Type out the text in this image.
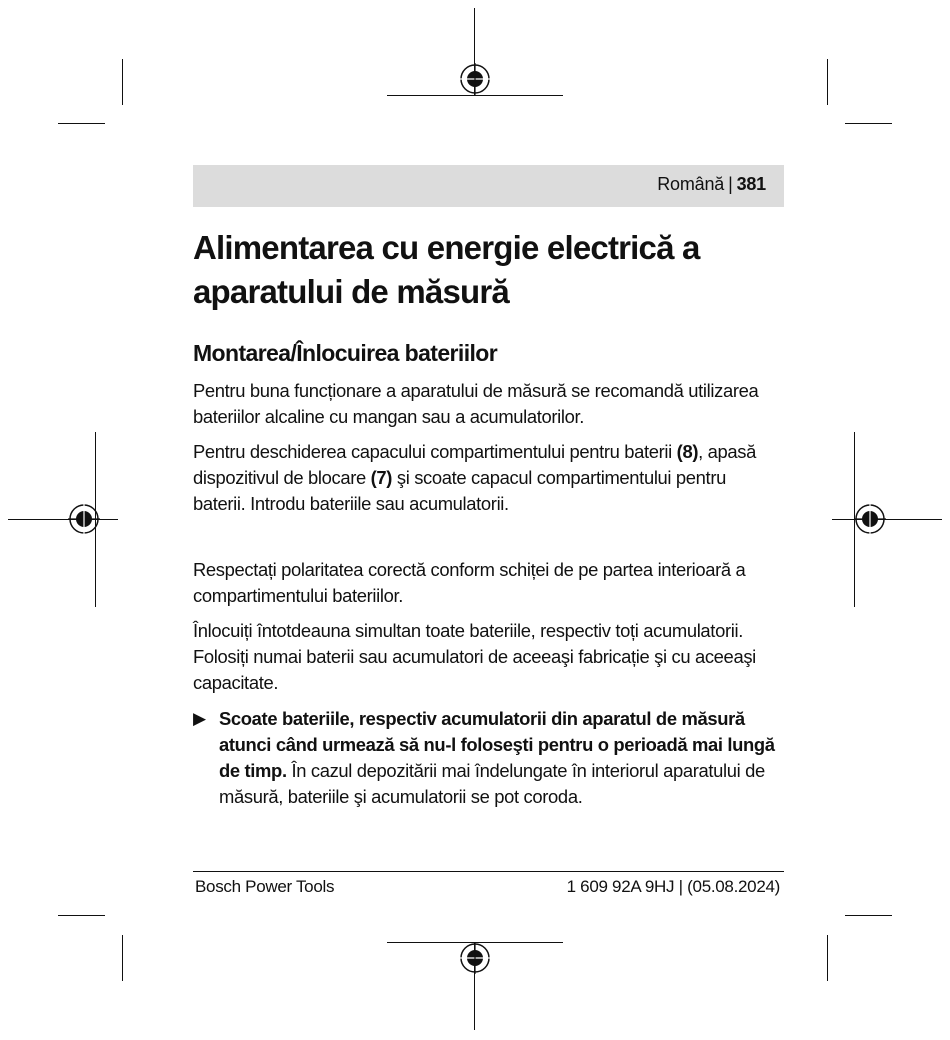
Română | 381
Alimentarea cu energie electrică a aparatului de măsură
Montarea/Înlocuirea bateriilor

Pentru buna funcționare a aparatului de măsură se recomandă utilizarea bateriilor alcaline cu mangan sau a acumulatorilor.

Pentru deschiderea capacului compartimentului pentru baterii (8), apasă dispozitivul de blocare (7) şi scoate capacul compartimentului pentru baterii. Introdu bateriile sau acumulatorii.

Respectați polaritatea corectă conform schiței de pe partea interioară a compartimentului bateriilor.

Înlocuiți întotdeauna simultan toate bateriile, respectiv toți acumulatorii. Folosiți numai baterii sau acumulatori de aceeaşi fabricație şi cu aceeaşi capacitate.

▶ Scoate bateriile, respectiv acumulatorii din aparatul de măsură atunci când urmează să nu-l foloseşti pentru o perioadă mai lungă de timp. În cazul depozitării mai îndelungate în interiorul aparatului de măsură, bateriile şi acumulatorii se pot coroda.
Bosch Power Tools	1 609 92A 9HJ | (05.08.2024)
